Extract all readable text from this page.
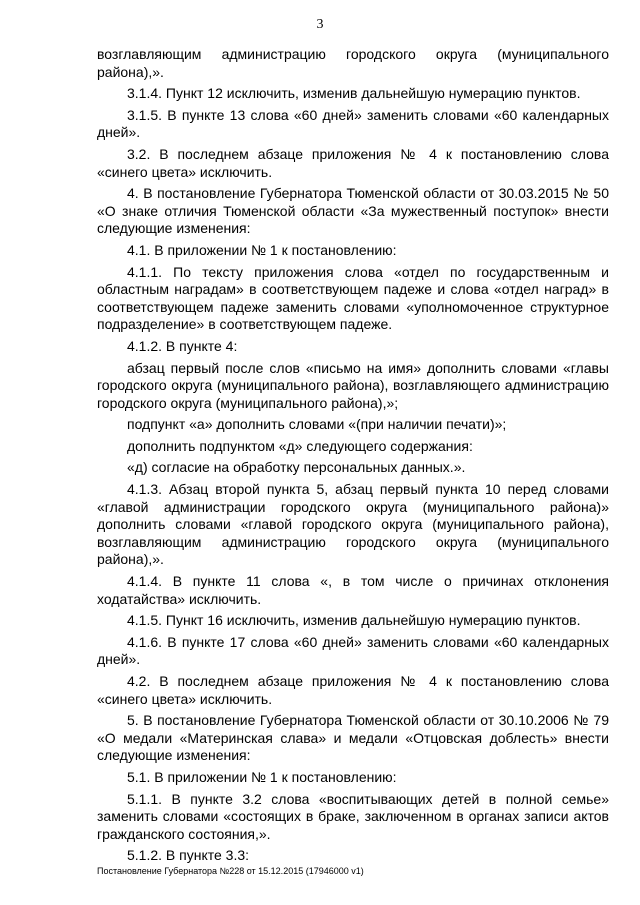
3

возглавляющим администрацию городского округа (муниципального района),».

3.1.4. Пункт 12 исключить, изменив дальнейшую нумерацию пунктов.

3.1.5. В пункте 13 слова «60 дней» заменить словами «60 календарных дней».

3.2. В последнем абзаце приложения № 4 к постановлению слова «синего цвета» исключить.

4. В постановление Губернатора Тюменской области от 30.03.2015 № 50 «О знаке отличия Тюменской области «За мужественный поступок» внести следующие изменения:

4.1. В приложении № 1 к постановлению:

4.1.1. По тексту приложения слова «отдел по государственным и областным наградам» в соответствующем падеже и слова «отдел наград» в соответствующем падеже заменить словами «уполномоченное структурное подразделение» в соответствующем падеже.

4.1.2. В пункте 4:

абзац первый после слов «письмо на имя» дополнить словами «главы городского округа (муниципального района), возглавляющего администрацию городского округа (муниципального района),»;

подпункт «а» дополнить словами «(при наличии печати)»;

дополнить подпунктом «д» следующего содержания:

«д) согласие на обработку персональных данных.».

4.1.3. Абзац второй пункта 5, абзац первый пункта 10 перед словами «главой администрации городского округа (муниципального района)» дополнить словами «главой городского округа (муниципального района), возглавляющим администрацию городского округа (муниципального района),».

4.1.4. В пункте 11 слова «, в том числе о причинах отклонения ходатайства» исключить.

4.1.5. Пункт 16 исключить, изменив дальнейшую нумерацию пунктов.

4.1.6. В пункте 17 слова «60 дней» заменить словами «60 календарных дней».

4.2. В последнем абзаце приложения № 4 к постановлению слова «синего цвета» исключить.

5. В постановление Губернатора Тюменской области от 30.10.2006 № 79 «О медали «Материнская слава» и медали «Отцовская доблесть» внести следующие изменения:

5.1. В приложении № 1 к постановлению:

5.1.1. В пункте 3.2 слова «воспитывающих детей в полной семье» заменить словами «состоящих в браке, заключенном в органах записи актов гражданского состояния,».

5.1.2. В пункте 3.3:

Постановление Губернатора №228 от 15.12.2015 (17946000 v1)
